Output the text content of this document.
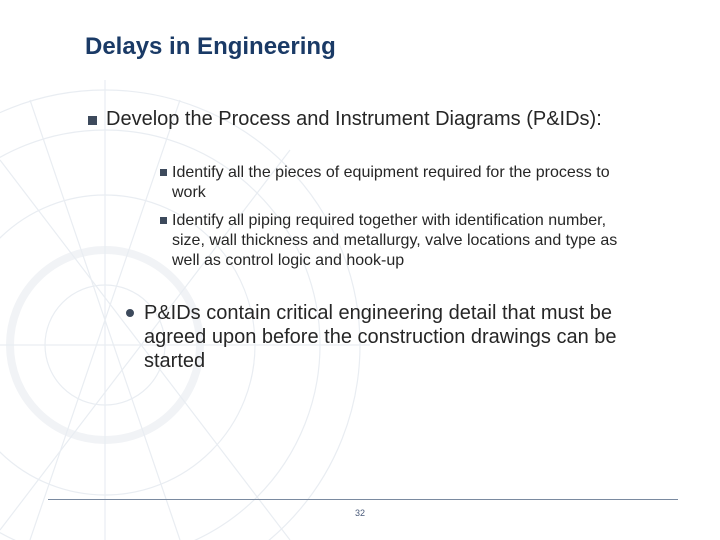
Delays in Engineering
Develop the Process and Instrument Diagrams (P&IDs):
Identify all the pieces of equipment required for the process to work
Identify all piping required together with identification number, size, wall thickness and metallurgy, valve locations and type as well as control logic and hook-up
P&IDs contain critical engineering detail that must be agreed upon before the construction drawings can be started
32
